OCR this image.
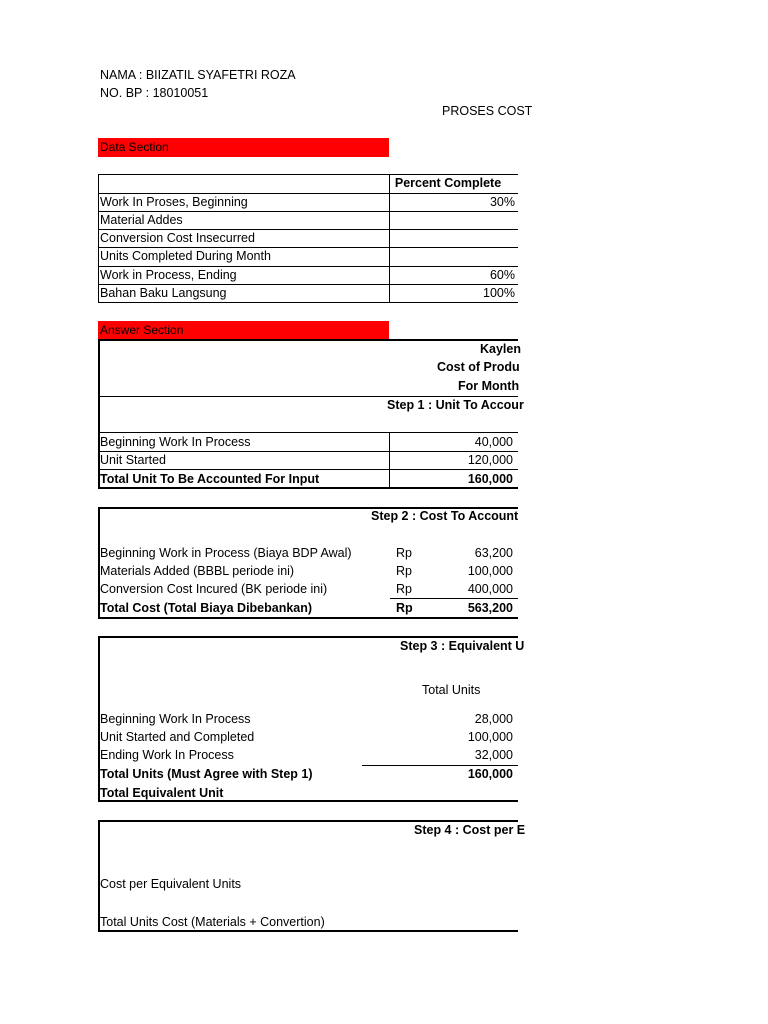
NAMA : BIIZATIL SYAFETRI ROZA
NO. BP : 18010051
PROSES COST
Data Section
Percent Complete
Work In Proses, Beginning	30%
Material Addes
Conversion Cost Insecurred
Units Completed During Month
Work in Process, Ending	60%
Bahan Baku Langsung	100%
Answer Section
Kaylen
Cost of Produ
For Month
Step 1 : Unit To Accour
Beginning Work In Process	40,000
Unit Started	120,000
Total Unit To Be Accounted For Input	160,000
Step 2 : Cost To Account
Beginning Work in Process (Biaya BDP Awal)	Rp	63,200
Materials Added (BBBL periode ini)	Rp	100,000
Conversion Cost Incured (BK periode ini)	Rp	400,000
Total Cost (Total Biaya Dibebankan)	Rp	563,200
Step 3 : Equivalent U
Total Units
Beginning Work In Process	28,000
Unit Started and Completed	100,000
Ending Work In Process	32,000
Total Units (Must Agree with Step 1)	160,000
Total Equivalent Unit
Step 4 : Cost per E
Cost per Equivalent Units
Total Units Cost (Materials + Convertion)
